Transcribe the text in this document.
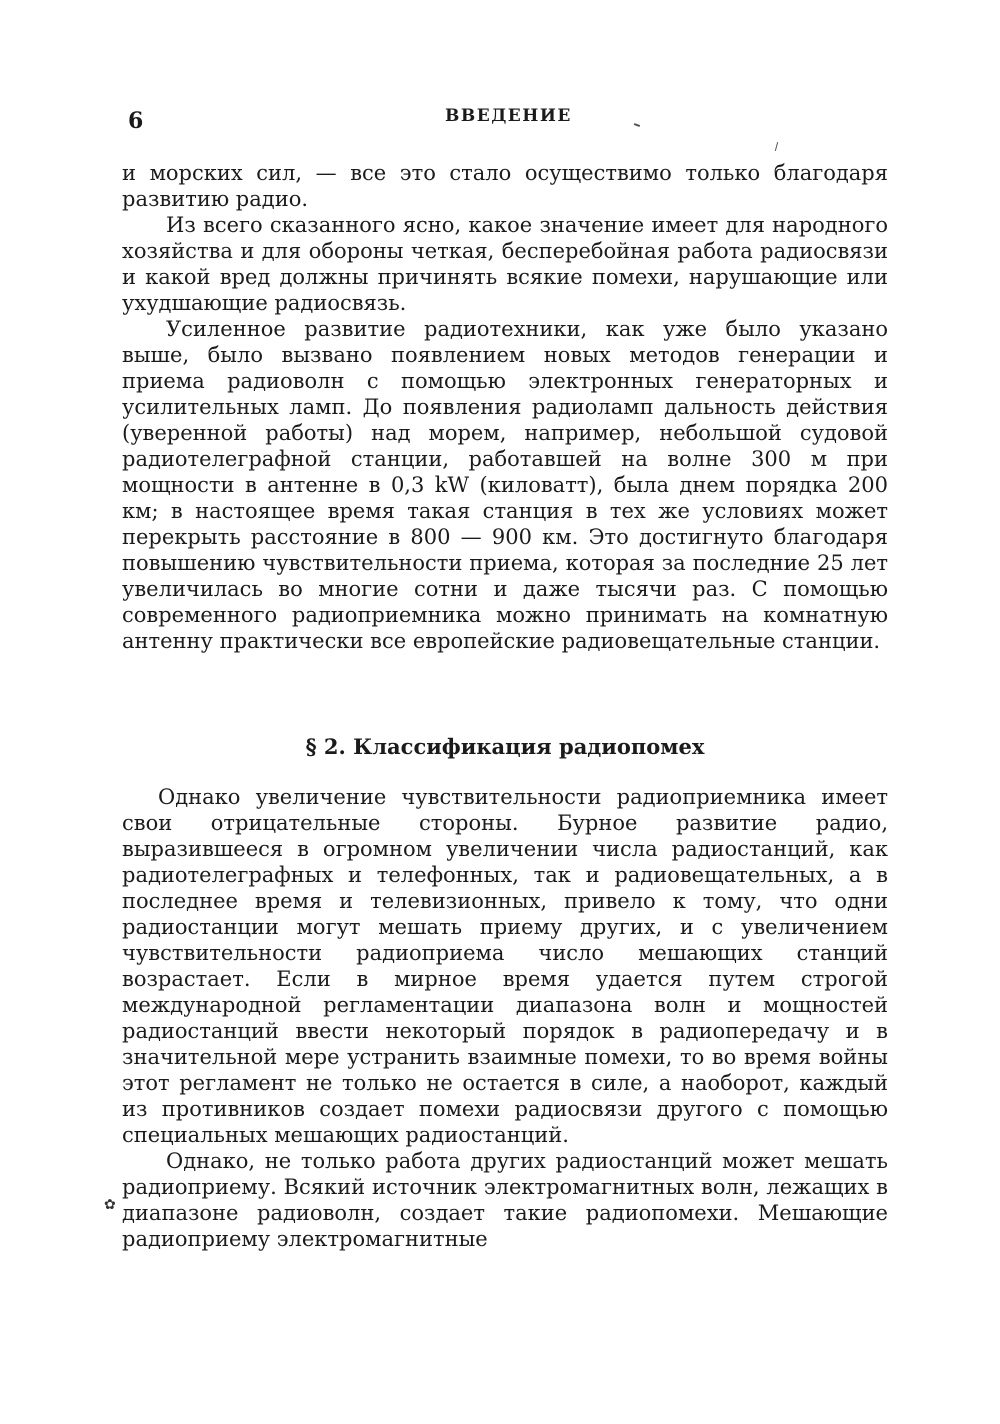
6	ВВЕДЕНИЕ

и морских сил, — все это стало осуществимо только благодаря развитию радио.

Из всего сказанного ясно, какое значение имеет для народного хозяйства и для обороны четкая, бесперебойная работа радиосвязи и какой вред должны причинять всякие помехи, нарушающие или ухудшающие радиосвязь.

Усиленное развитие радиотехники, как уже было указано выше, было вызвано появлением новых методов генерации и приема радиоволн с помощью электронных генераторных и усилительных ламп. До появления радиоламп дальность действия (уверенной работы) над морем, например, небольшой судовой радиотелеграфной станции, работавшей на волне 300 м при мощности в антенне в 0,3 kW (киловатт), была днем порядка 200 км; в настоящее время такая станция в тех же условиях может перекрыть расстояние в 800 — 900 км. Это достигнуто благодаря повышению чувствительности приема, которая за последние 25 лет увеличилась во многие сотни и даже тысячи раз. С помощью современного радиоприемника можно принимать на комнатную антенну практически все европейские радиовещательные станции.

§ 2. Классификация радиопомех

Однако увеличение чувствительности радиоприемника имеет свои отрицательные стороны. Бурное развитие радио, выразившееся в огромном увеличении числа радиостанций, как радиотелеграфных и телефонных, так и радиовещательных, а в последнее время и телевизионных, привело к тому, что одни радиостанции могут мешать приему других, и с увеличением чувствительности радиоприема число мешающих станций возрастает. Если в мирное время удается путем строгой международной регламентации диапазона волн и мощностей радиостанций ввести некоторый порядок в радиопередачу и в значительной мере устранить взаимные помехи, то во время войны этот регламент не только не остается в силе, а наоборот, каждый из противников создает помехи радиосвязи другого с помощью специальных мешающих радиостанций.

Однако, не только работа других радиостанций может мешать радиоприему. Всякий источник электромагнитных волн, лежащих в диапазоне радиоволн, создает такие радиопомехи. Мешающие радиоприему электромагнитные

✿
